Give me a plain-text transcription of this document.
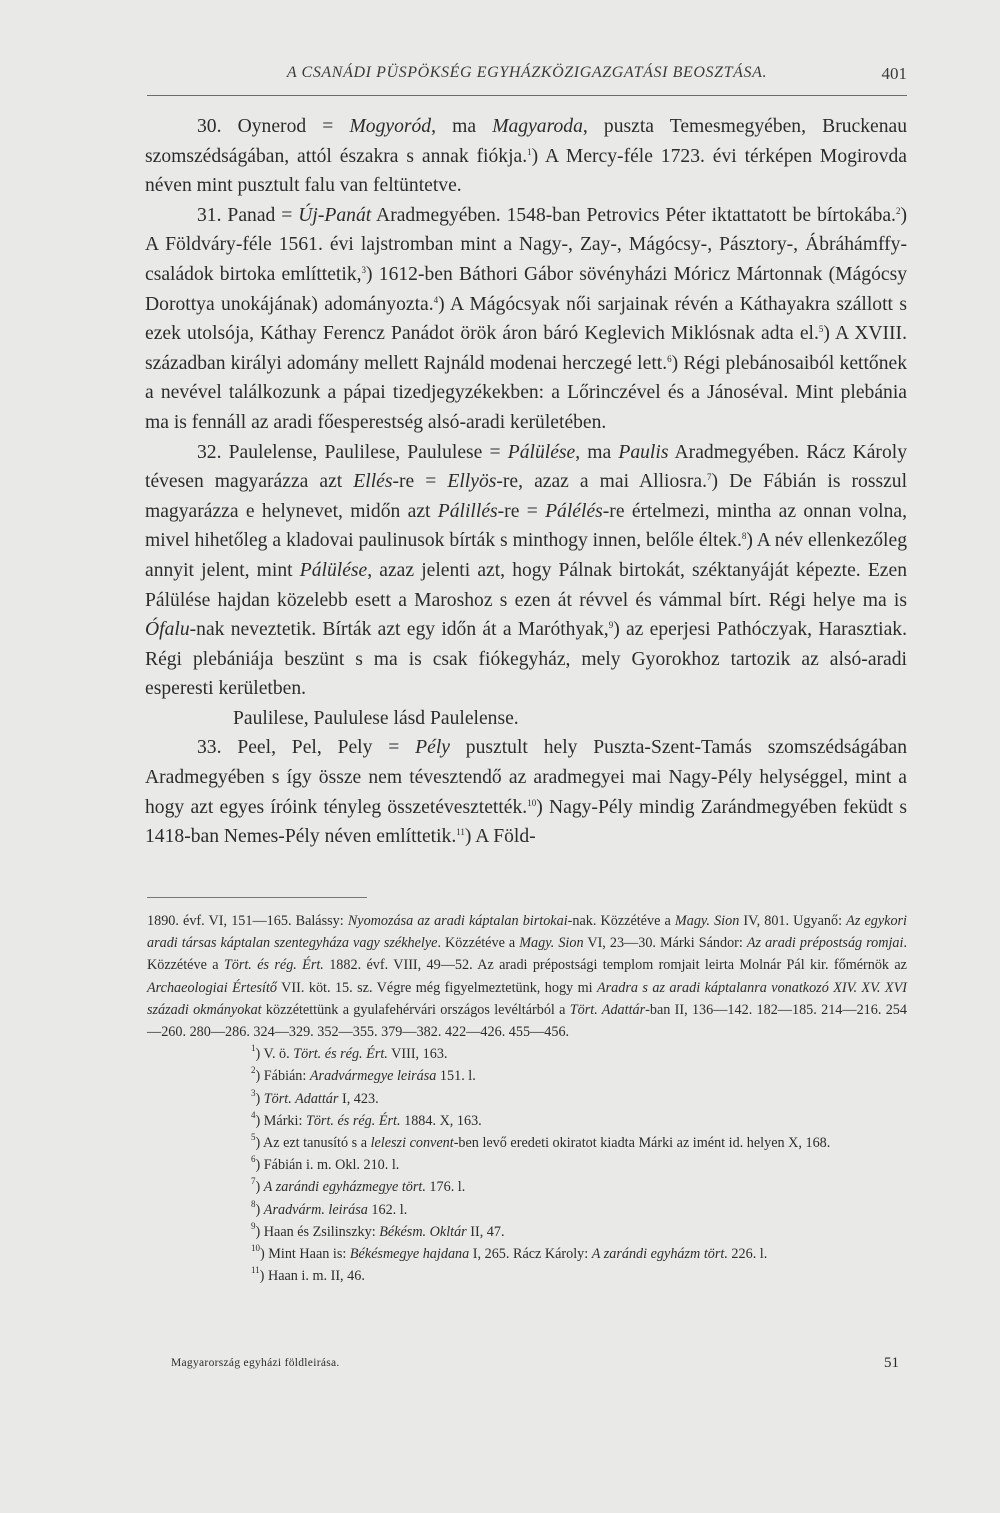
A CSANÁDI PÜSPÖKSÉG EGYHÁZKÖZIGAZGATÁSI BEOSZTÁSA.	401

30. Oynerod = Mogyoród, ma Magyaroda, puszta Temesmegyében, Bruckenau szomszédságában, attól északra s annak fiókja.$^1$) A Mercy-féle 1723. évi térképen Mogirovda néven mint pusztult falu van feltüntetve.

31. Panad = Új-Panát Aradmegyében. 1548-ban Petrovics Péter iktattatott be bírtokába.$^2$) A Földváry-féle 1561. évi lajstromban mint a Nagy-, Zay-, Mágócsy-, Pásztory-, Ábráhámffy-családok birtoka említtetik,$^3$) 1612-ben Báthori Gábor sövényházi Móricz Mártonnak (Mágócsy Dorottya unokájának) adományozta.$^4$) A Mágócsyak női sarjainak révén a Káthayakra szállott s ezek utolsója, Káthay Ferencz Panádot örök áron báró Keglevich Miklósnak adta el.$^5$) A XVIII. században királyi adomány mellett Rajnáld modenai herczegé lett.$^6$) Régi plebánosaiból kettőnek a nevével találkozunk a pápai tizedjegyzékekben: a Lőrinczével és a Jánoséval. Mint plebánia ma is fennáll az aradi főesperestség alsó-aradi kerületében.

32. Paulelense, Paulilese, Paululese = Pálülése, ma Paulis Aradmegyében. Rácz Károly tévesen magyarázza azt Ellés-re = Ellyös-re, azaz a mai Alliosra.$^7$) De Fábián is rosszul magyarázza e helynevet, midőn azt Pálillés-re = Pálélés-re értelmezi, mintha az onnan volna, mivel hihetőleg a kladovai paulinusok bírták s minthogy innen, belőle éltek.$^8$) A név ellenkezőleg annyit jelent, mint Pálülése, azaz jelenti azt, hogy Pálnak birtokát, széktanyáját képezte. Ezen Pálülése hajdan közelebb esett a Maroshoz s ezen át révvel és vámmal bírt. Régi helye ma is Ófalu-nak neveztetik. Bírták azt egy időn át a Maróthyak,$^9$) az eperjesi Pathóczyak, Harasztiak. Régi plebániája beszünt s ma is csak fiókegyház, mely Gyorokhoz tartozik az alsó-aradi esperesti kerületben.

Paulilese, Paululese lásd Paulelense.

33. Peel, Pel, Pely = Pély pusztult hely Puszta-Szent-Tamás szomszédságában Aradmegyében s így össze nem tévesztendő az aradmegyei mai Nagy-Pély helységgel, mint a hogy azt egyes íróink tényleg összetévesztették.$^{10}$) Nagy-Pély mindig Zarándmegyében feküdt s 1418-ban Nemes-Pély néven említtetik.$^{11}$) A Föld-

1890. évf. VI, 151—165. Balássy: Nyomozása az aradi káptalan birtokai-nak. Közzétéve a Magy. Sion IV, 801. Ugyanő: Az egykori aradi társas káptalan szentegyháza vagy székhelye. Közzétéve a Magy. Sion VI, 23—30. Márki Sándor: Az aradi prépostság romjai. Közzétéve a Tört. és rég. Ért. 1882. évf. VIII, 49—52. Az aradi prépostsági templom romjait leirta Molnár Pál kir. főmérnök az Archaeologiai Értesítő VII. köt. 15. sz. Végre még figyelmeztetünk, hogy mi Aradra s az aradi káptalanra vonatkozó XIV. XV. XVI századi okmányokat közzétettünk a gyulafehérvári országos levéltárból a Tört. Adattár-ban II, 136—142. 182—185. 214—216. 254—260. 280—286. 324—329. 352—355. 379—382. 422—426. 455—456.

$^1$) V. ö. Tört. és rég. Ért. VIII, 163.

$^2$) Fábián: Aradvármegye leirása 151. l.

$^3$) Tört. Adattár I, 423.

$^4$) Márki: Tört. és rég. Ért. 1884. X, 163.

$^5$) Az ezt tanusító s a leleszi convent-ben levő eredeti okiratot kiadta Márki az imént id. helyen X, 168.

$^6$) Fábián i. m. Okl. 210. l.

$^7$) A zarándi egyházmegye tört. 176. l.

$^8$) Aradvárm. leirása 162. l.

$^9$) Haan és Zsilinszky: Békésm. Okltár II, 47.

$^{10}$) Mint Haan is: Békésmegye hajdana I, 265. Rácz Károly: A zarándi egyházm tört. 226. l.

$^{11}$) Haan i. m. II, 46.

Magyarország egyházi földleirása.	51
